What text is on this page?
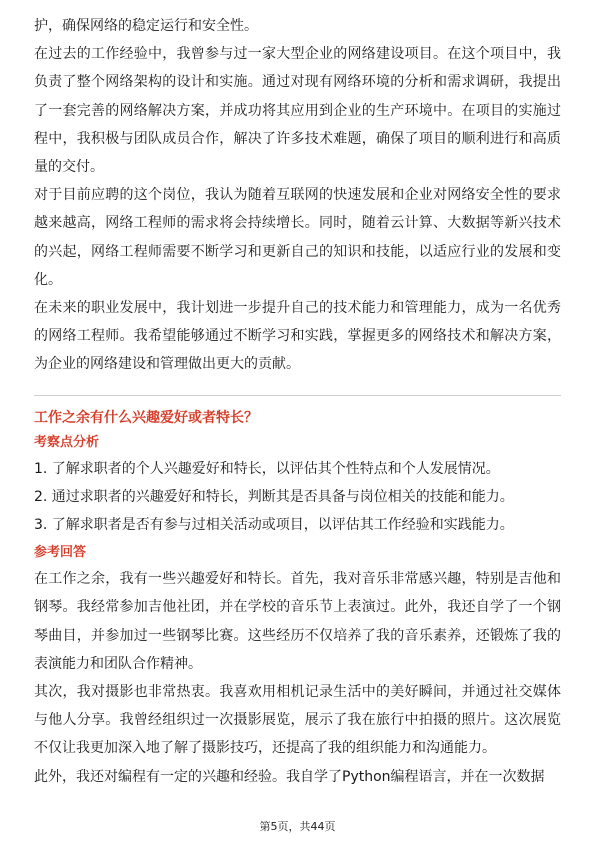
护，确保网络的稳定运行和安全性。

在过去的工作经验中，我曾参与过一家大型企业的网络建设项目。在这个项目中，我负责了整个网络架构的设计和实施。通过对现有网络环境的分析和需求调研，我提出了一套完善的网络解决方案，并成功将其应用到企业的生产环境中。在项目的实施过程中，我积极与团队成员合作，解决了许多技术难题，确保了项目的顺利进行和高质量的交付。

对于目前应聘的这个岗位，我认为随着互联网的快速发展和企业对网络安全性的要求越来越高，网络工程师的需求将会持续增长。同时，随着云计算、大数据等新兴技术的兴起，网络工程师需要不断学习和更新自己的知识和技能，以适应行业的发展和变化。

在未来的职业发展中，我计划进一步提升自己的技术能力和管理能力，成为一名优秀的网络工程师。我希望能够通过不断学习和实践，掌握更多的网络技术和解决方案，为企业的网络建设和管理做出更大的贡献。

工作之余有什么兴趣爱好或者特长？

考察点分析

1. 了解求职者的个人兴趣爱好和特长，以评估其个性特点和个人发展情况。

2. 通过求职者的兴趣爱好和特长，判断其是否具备与岗位相关的技能和能力。

3. 了解求职者是否有参与过相关活动或项目，以评估其工作经验和实践能力。

参考回答

在工作之余，我有一些兴趣爱好和特长。首先，我对音乐非常感兴趣，特别是吉他和钢琴。我经常参加吉他社团，并在学校的音乐节上表演过。此外，我还自学了一个钢琴曲目，并参加过一些钢琴比赛。这些经历不仅培养了我的音乐素养，还锻炼了我的表演能力和团队合作精神。

其次，我对摄影也非常热衷。我喜欢用相机记录生活中的美好瞬间，并通过社交媒体与他人分享。我曾经组织过一次摄影展览，展示了我在旅行中拍摄的照片。这次展览不仅让我更加深入地了解了摄影技巧，还提高了我的组织能力和沟通能力。

此外，我还对编程有一定的兴趣和经验。我自学了Python编程语言，并在一次数据

第5页，共44页
